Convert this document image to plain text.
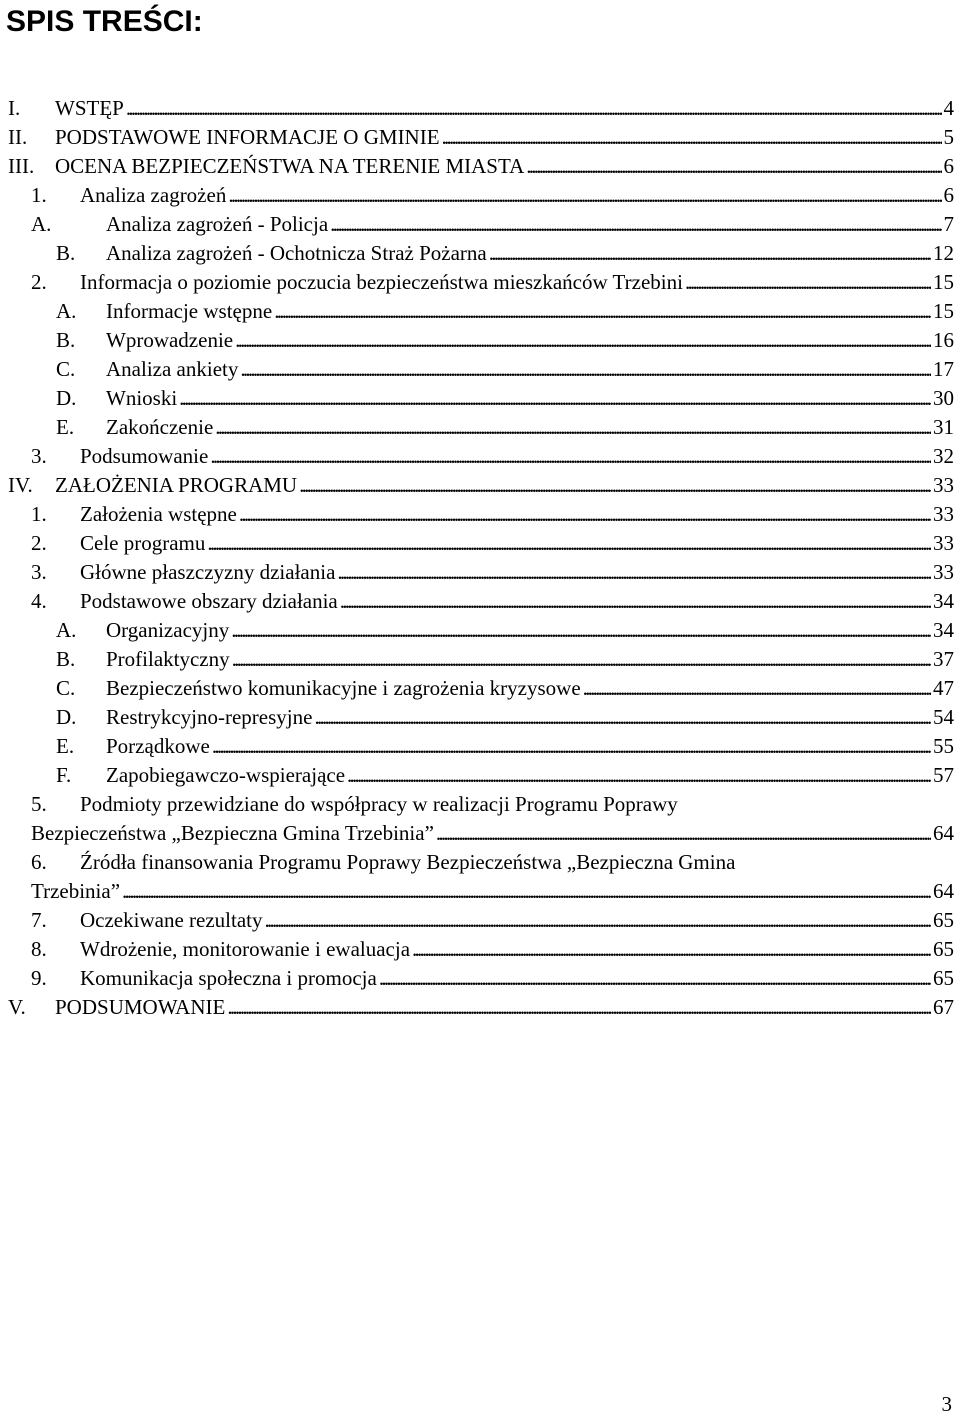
SPIS TREŚCI:
I.	WSTĘP . . .	4
II.	PODSTAWOWE INFORMACJE O GMINIE . . .	5
III. OCENA BEZPIECZEŃSTWA NA TERENIE MIASTA . . .	6
1.	Analiza zagrożeń . . .	6
A.	Analiza zagrożeń - Policja . . .	7
B.	Analiza zagrożeń - Ochotnicza Straż Pożarna . . .	12
2.	Informacja o poziomie poczucia bezpieczeństwa mieszkańców Trzebini . . .	15
A.	Informacje wstępne . . .	15
B.	Wprowadzenie . . .	16
C.	Analiza ankiety . . .	17
D.	Wnioski . . .	30
E.	Zakończenie . . .	31
3.	Podsumowanie . . .	32
IV.	ZAŁOŻENIA PROGRAMU . . .	33
1.	Założenia wstępne . . .	33
2.	Cele programu . . .	33
3.	Główne płaszczyzny działania . . .	33
4.	Podstawowe obszary działania . . .	34
A.	Organizacyjny . . .	34
B.	Profilaktyczny . . .	37
C.	Bezpieczeństwo komunikacyjne i zagrożenia kryzysowe . . .	47
D.	Restrykcyjno-represyjne . . .	54
E.	Porządkowe . . .	55
F.	Zapobiegawczo-wspierające . . .	57
5. Podmioty przewidziane do współpracy w realizacji Programu Poprawy
Bezpieczeństwa „Bezpieczna Gmina Trzebinia” . . .	64
6. Źródła finansowania Programu Poprawy Bezpieczeństwa „Bezpieczna Gmina
Trzebinia” . . .	64
7.	Oczekiwane rezultaty . . .	65
8.	Wdrożenie, monitorowanie i ewaluacja . . .	65
9.	Komunikacja społeczna i promocja . . .	65
V.	PODSUMOWANIE . . .	67
3
